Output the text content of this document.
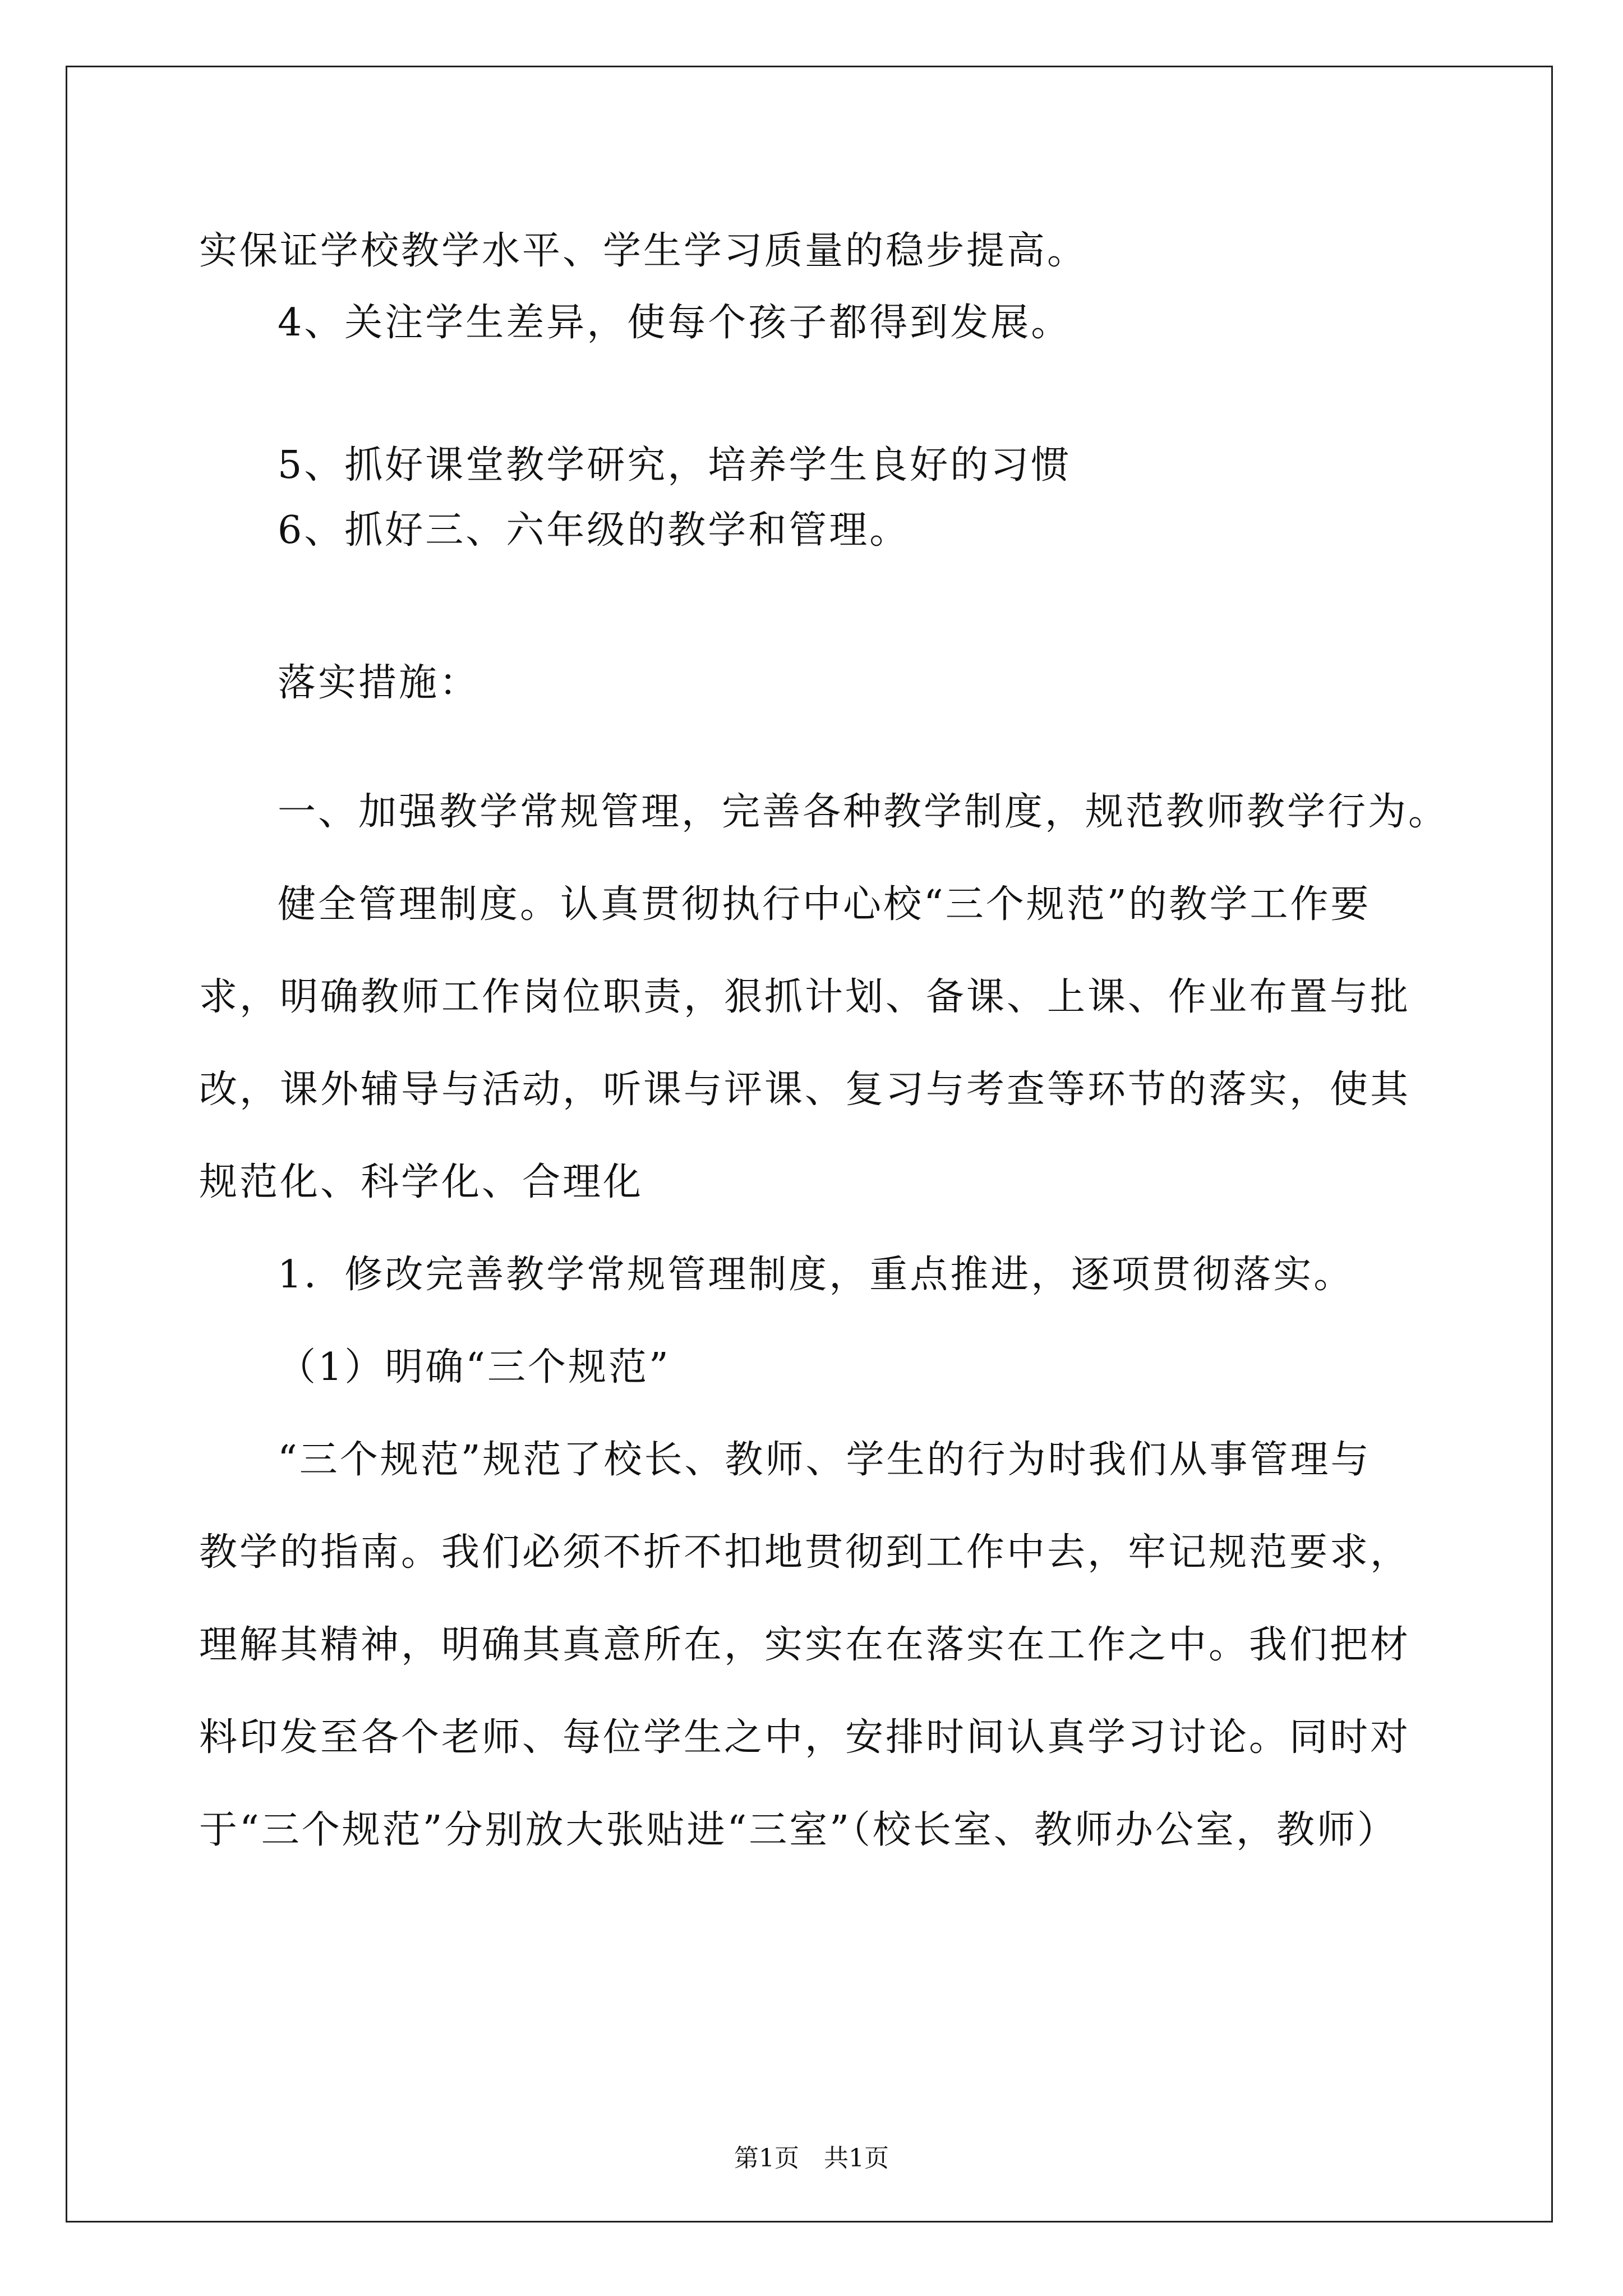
实保证学校教学水平、学生学习质量的稳步提高。
4、关注学生差异，使每个孩子都得到发展。
5、抓好课堂教学研究，培养学生良好的习惯
6、抓好三、六年级的教学和管理。
落实措施：
一、加强教学常规管理，完善各种教学制度，规范教师教学行为。
健全管理制度。认真贯彻执行中心校“三个规范”的教学工作要
求，明确教师工作岗位职责，狠抓计划、备课、上课、作业布置与批
改，课外辅导与活动，听课与评课、复习与考查等环节的落实，使其
规范化、科学化、合理化
1．修改完善教学常规管理制度，重点推进，逐项贯彻落实。
（1）明确“三个规范”
“三个规范”规范了校长、教师、学生的行为时我们从事管理与
教学的指南。我们必须不折不扣地贯彻到工作中去，牢记规范要求，
理解其精神，明确其真意所在，实实在在落实在工作之中。我们把材
料印发至各个老师、每位学生之中，安排时间认真学习讨论。同时对
于“三个规范”分别放大张贴进“三室”（校长室、教师办公室，教师）
第1页　共1页
